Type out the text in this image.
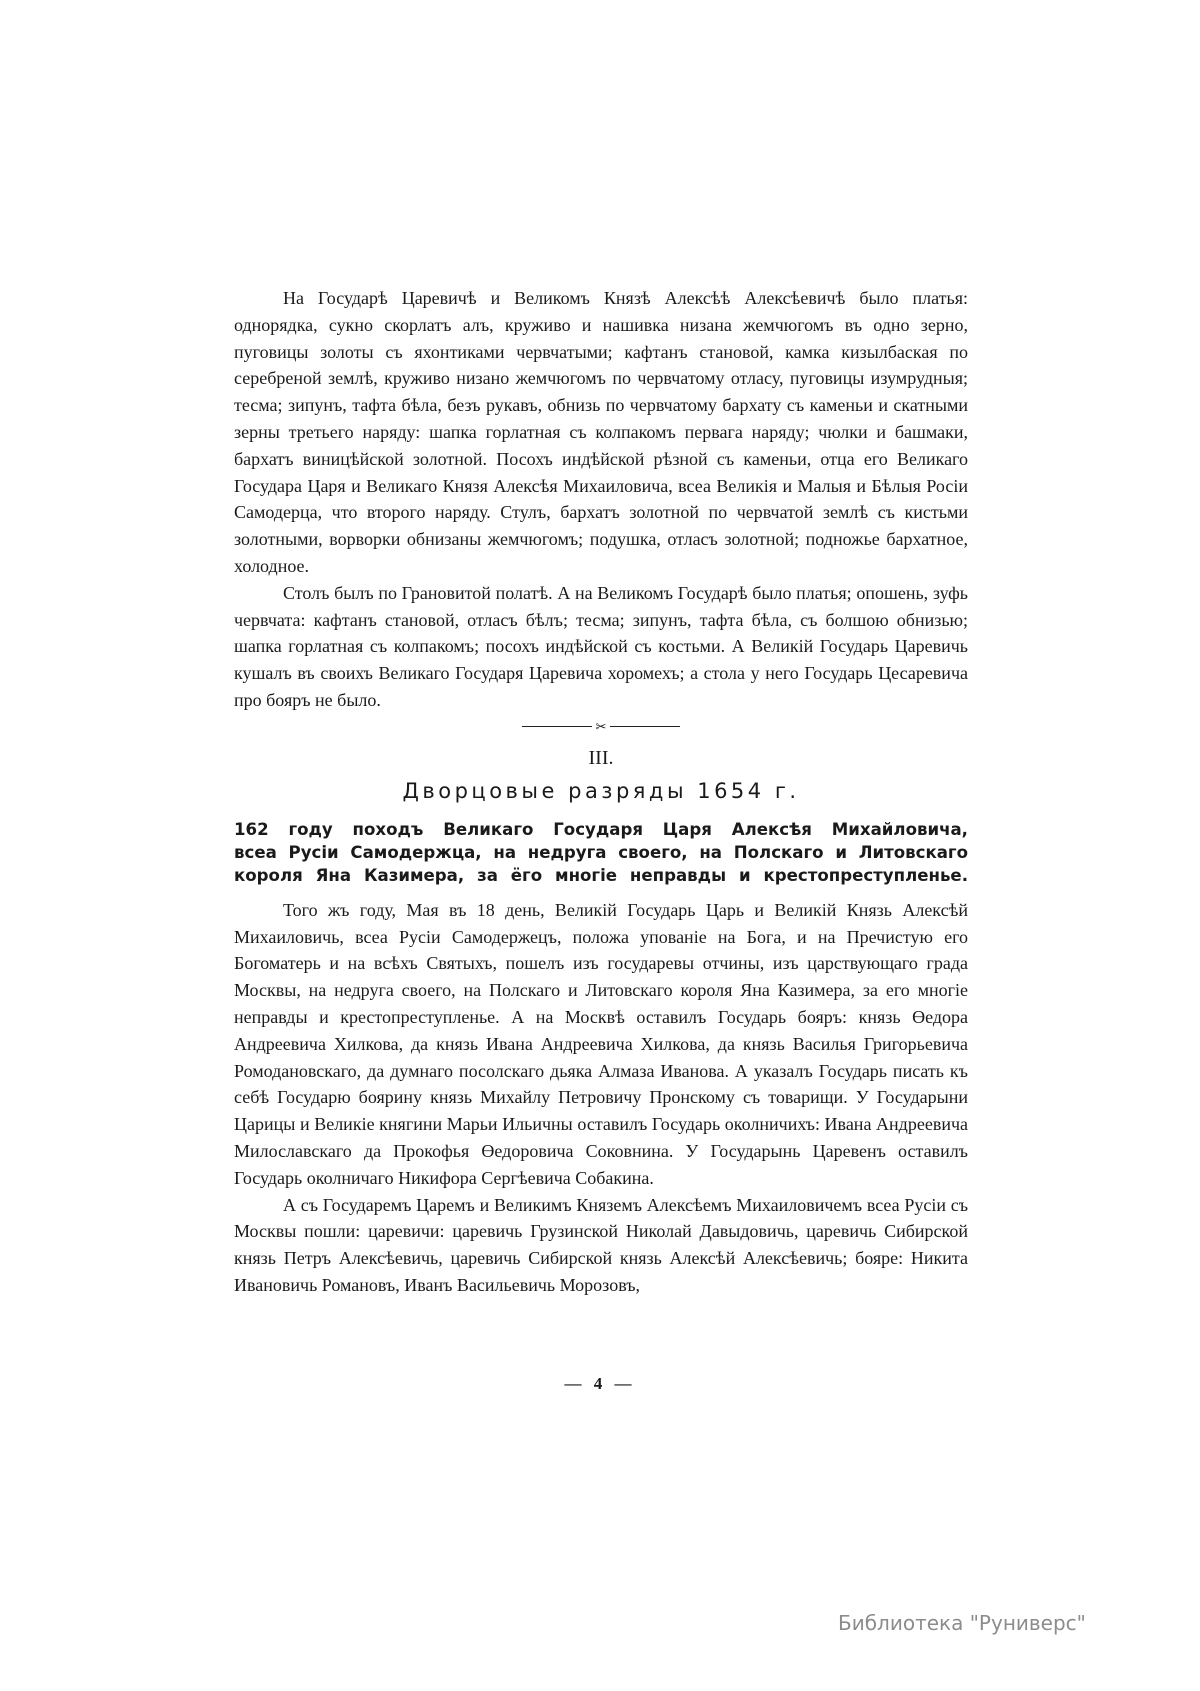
На Государѣ Царевичѣ и Великомъ Князѣ Алексѣѣ Алексѣевичѣ было платья: однорядка, сукно скорлатъ алъ, круживо и нашивка низана жемчюгомъ въ одно зерно, пуговицы золоты съ яхонтиками червчатыми; кафтанъ становой, камка кизылбаская по серебреной землѣ, круживо низано жемчюгомъ по червчатому отласу, пуговицы изумрудныя; тесма; зипунъ, тафта бѣла, безъ рукавъ, обнизь по червчатому бархату съ каменьи и скатными зерны третьего наряду: шапка горлатная съ колпакомъ первага наряду; чюлки и башмаки, бархатъ виницѣйской золотной. Посохъ индѣйской рѣзной съ каменьи, отца его Великаго Государа Царя и Великаго Князя Алексѣя Михаиловича, всеа Великія и Малыя и Бѣлыя Росіи Самодерца, что второго наряду. Стулъ, бархатъ золотной по червчатой землѣ съ кистьми золотными, ворворки обнизаны жемчюгомъ; подушка, отласъ золотной; подножье бархатное, холодное.

Столъ былъ по Грановитой полатѣ. А на Великомъ Государѣ было платья; опошень, зуфь червчата: кафтанъ становой, отласъ бѣлъ; тесма; зипунъ, тафта бѣла, съ болшою обнизью; шапка горлатная съ колпакомъ; посохъ индѣйской съ костьми. А Великій Государь Царевичь кушалъ въ своихъ Великаго Государя Царевича хоромехъ; а стола у него Государь Цесаревича про бояръ не было.

✂
III.
Дворцовые разряды 1654 г.
162 году походъ Великаго Государя Царя Алексѣя Михайловича,
всеа Русіи Самодержца, на недруга своего, на Полскаго и Литовскаго
короля Яна Казимера, за ёго многіе неправды и крестопреступленье.

Того жъ году, Мая въ 18 день, Великій Государь Царь и Великій Князь Алексѣй Михаиловичь, всеа Русіи Самодержецъ, положа упованіе на Бога, и на Пречистую его Богоматерь и на всѣхъ Святыхъ, пошелъ изъ государевы отчины, изъ царствующаго града Москвы, на недруга своего, на Полскаго и Литовскаго короля Яна Казимера, за его многіе неправды и крестопреступленье. А на Москвѣ оставилъ Государь бояръ: князь Өедора Андреевича Хилкова, да князь Ивана Андреевича Хилкова, да князь Василья Григорьевича Ромодановскаго, да думнаго посолскаго дьяка Алмаза Иванова. А указалъ Государь писать къ себѣ Государю боярину князь Михайлу Петровичу Пронскому съ товарищи. У Государыни Царицы и Великіе княгини Марьи Ильичны оставилъ Государь околничихъ: Ивана Андреевича Милославскаго да Прокофья Өедоровича Соковнина. У Государынь Царевенъ оставилъ Государь околничаго Никифора Сергѣевича Собакина.

А съ Государемъ Царемъ и Великимъ Княземъ Алексѣемъ Михаиловичемъ всеа Русіи съ Москвы пошли: царевичи: царевичь Грузинской Николай Давыдовичь, царевичь Сибирской князь Петръ Алексѣевичь, царевичь Сибирской князь Алексѣй Алексѣевичь; бояре: Никита Ивановичь Романовъ, Иванъ Васильевичь Морозовъ,

— 4 —
Библиотека "Руниверс"
